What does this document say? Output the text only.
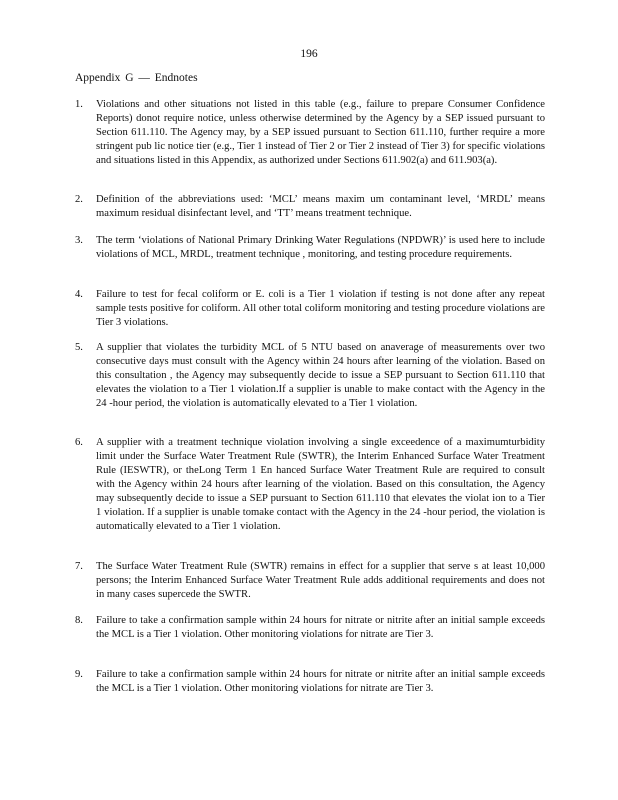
196
Appendix G — Endnotes
1.	Violations and other situations not listed in this table (e.g., failure to prepare Consumer Confidence Reports) donot require notice, unless otherwise determined by the Agency by a SEP issued pursuant to Section 611.110. The Agency may, by a SEP issued pursuant to Section 611.110, further require a more stringent pub lic notice tier (e.g., Tier 1 instead of Tier 2 or Tier 2 instead of Tier 3) for specific violations and situations listed in this Appendix, as authorized under Sections 611.902(a) and 611.903(a).
2.	Definition of the abbreviations used: ‘MCL’ means maxim um contaminant level, ‘MRDL’ means maximum residual disinfectant level, and ‘TT’ means treatment technique.
3.	The term ‘violations of National Primary Drinking Water Regulations (NPDWR)’ is used here to include violations of MCL, MRDL, treatment technique , monitoring, and testing procedure requirements.
4.	Failure to test for fecal coliform or E. coli is a Tier 1 violation if testing is not done after any repeat sample tests positive for coliform. All other total coliform monitoring and testing procedure violations are Tier 3 violations.
5.	A supplier that violates the turbidity MCL of 5 NTU based on anaverage of measurements over two consecutive days must consult with the Agency within 24 hours after learning of the violation. Based on this consultation , the Agency may subsequently decide to issue a SEP pursuant to Section 611.110 that elevates the violation to a Tier 1 violation.If a supplier is unable to make contact with the Agency in the 24 -hour period, the violation is automatically elevated to a Tier 1 violation.
6.	A supplier with a treatment technique violation involving a single exceedence of a maximumturbidity limit under the Surface Water Treatment Rule (SWTR), the Interim Enhanced Surface Water Treatment Rule (IESWTR), or theLong Term 1 En hanced Surface Water Treatment Rule are required to consult with the Agency within 24 hours after learning of the violation. Based on this consultation, the Agency may subsequently decide to issue a SEP pursuant to Section 611.110 that elevates the violat ion to a Tier 1 violation. If a supplier is unable tomake contact with the Agency in the 24 -hour period, the violation is automatically elevated to a Tier 1 violation.
7.	The Surface Water Treatment Rule (SWTR) remains in effect for a supplier that serve s at least 10,000 persons; the Interim Enhanced Surface Water Treatment Rule adds additional requirements and does not in many cases supercede the SWTR.
8.	Failure to take a confirmation sample within 24 hours for nitrate or nitrite after an initial sample exceeds the MCL is a Tier 1 violation. Other monitoring violations for nitrate are Tier 3.
9.	Failure to take a confirmation sample within 24 hours for nitrate or nitrite after an initial sample exceeds the MCL is a Tier 1 violation. Other monitoring violations for nitrate are Tier 3.
